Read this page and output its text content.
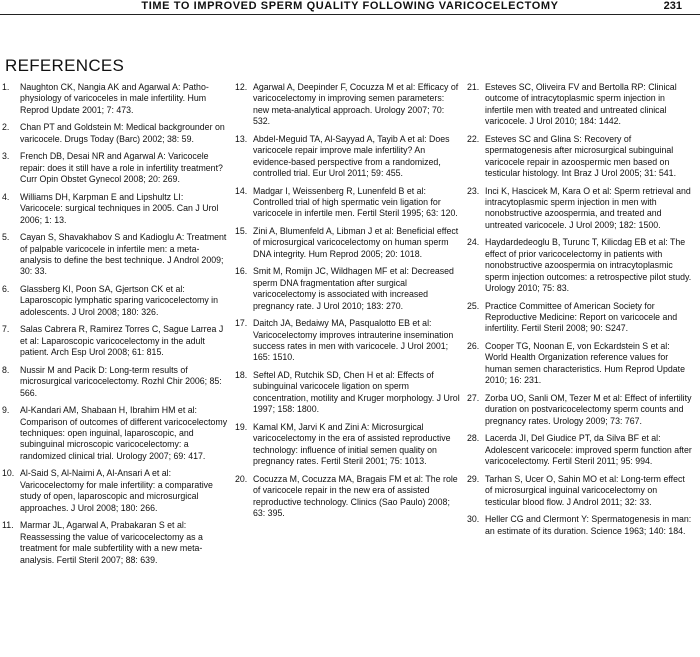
TIME TO IMPROVED SPERM QUALITY FOLLOWING VARICOCELECTOMY	231
REFERENCES
1. Naughton CK, Nangia AK and Agarwal A: Patho-physiology of varicoceles in male infertility. Hum Reprod Update 2001; 7: 473.
2. Chan PT and Goldstein M: Medical backgrounder on varicocele. Drugs Today (Barc) 2002; 38: 59.
3. French DB, Desai NR and Agarwal A: Varicocele repair: does it still have a role in infertility treatment? Curr Opin Obstet Gynecol 2008; 20: 269.
4. Williams DH, Karpman E and Lipshultz LI: Varicocele: surgical techniques in 2005. Can J Urol 2006; 1: 13.
5. Cayan S, Shavakhabov S and Kadioglu A: Treatment of palpable varicocele in infertile men: a meta-analysis to define the best technique. J Androl 2009; 30: 33.
6. Glassberg KI, Poon SA, Gjertson CK et al: Laparoscopic lymphatic sparing varicocelectomy in adolescents. J Urol 2008; 180: 326.
7. Salas Cabrera R, Ramirez Torres C, Sague Larrea J et al: Laparoscopic varicocelectomy in the adult patient. Arch Esp Urol 2008; 61: 815.
8. Nussir M and Pacik D: Long-term results of microsurgical varicocelectomy. Rozhl Chir 2006; 85: 566.
9. Al-Kandari AM, Shabaan H, Ibrahim HM et al: Comparison of outcomes of different varicocelectomy techniques: open inguinal, laparoscopic, and subinguinal microscopic varicocelectomy: a randomized clinical trial. Urology 2007; 69: 417.
10. Al-Said S, Al-Naimi A, Al-Ansari A et al: Varicocelectomy for male infertility: a comparative study of open, laparoscopic and microsurgical approaches. J Urol 2008; 180: 266.
11. Marmar JL, Agarwal A, Prabakaran S et al: Reassessing the value of varicocelectomy as a treatment for male subfertility with a new meta-analysis. Fertil Steril 2007; 88: 639.
12. Agarwal A, Deepinder F, Cocuzza M et al: Efficacy of varicocelectomy in improving semen parameters: new meta-analytical approach. Urology 2007; 70: 532.
13. Abdel-Meguid TA, Al-Sayyad A, Tayib A et al: Does varicocele repair improve male infertility? An evidence-based perspective from a randomized, controlled trial. Eur Urol 2011; 59: 455.
14. Madgar I, Weissenberg R, Lunenfeld B et al: Controlled trial of high spermatic vein ligation for varicocele in infertile men. Fertil Steril 1995; 63: 120.
15. Zini A, Blumenfeld A, Libman J et al: Beneficial effect of microsurgical varicocelectomy on human sperm DNA integrity. Hum Reprod 2005; 20: 1018.
16. Smit M, Romijn JC, Wildhagen MF et al: Decreased sperm DNA fragmentation after surgical varicocelectomy is associated with increased pregnancy rate. J Urol 2010; 183: 270.
17. Daitch JA, Bedaiwy MA, Pasqualotto EB et al: Varicocelectomy improves intrauterine insemination success rates in men with varicocele. J Urol 2001; 165: 1510.
18. Seftel AD, Rutchik SD, Chen H et al: Effects of subinguinal varicocele ligation on sperm concentration, motility and Kruger morphology. J Urol 1997; 158: 1800.
19. Kamal KM, Jarvi K and Zini A: Microsurgical varicocelectomy in the era of assisted reproductive technology: influence of initial semen quality on pregnancy rates. Fertil Steril 2001; 75: 1013.
20. Cocuzza M, Cocuzza MA, Bragais FM et al: The role of varicocele repair in the new era of assisted reproductive technology. Clinics (Sao Paulo) 2008; 63: 395.
21. Esteves SC, Oliveira FV and Bertolla RP: Clinical outcome of intracytoplasmic sperm injection in infertile men with treated and untreated clinical varicocele. J Urol 2010; 184: 1442.
22. Esteves SC and Glina S: Recovery of spermatogenesis after microsurgical subinguinal varicocele repair in azoospermic men based on testicular histology. Int Braz J Urol 2005; 31: 541.
23. Inci K, Hascicek M, Kara O et al: Sperm retrieval and intracytoplasmic sperm injection in men with nonobstructive azoospermia, and treated and untreated varicocele. J Urol 2009; 182: 1500.
24. Haydardedeoglu B, Turunc T, Kilicdag EB et al: The effect of prior varicocelectomy in patients with nonobstructive azoospermia on intracytoplasmic sperm injection outcomes: a retrospective pilot study. Urology 2010; 75: 83.
25. Practice Committee of American Society for Reproductive Medicine: Report on varicocele and infertility. Fertil Steril 2008; 90: S247.
26. Cooper TG, Noonan E, von Eckardstein S et al: World Health Organization reference values for human semen characteristics. Hum Reprod Update 2010; 16: 231.
27. Zorba UO, Sanli OM, Tezer M et al: Effect of infertility duration on postvaricocelectomy sperm counts and pregnancy rates. Urology 2009; 73: 767.
28. Lacerda JI, Del Giudice PT, da Silva BF et al: Adolescent varicocele: improved sperm function after varicocelectomy. Fertil Steril 2011; 95: 994.
29. Tarhan S, Ucer O, Sahin MO et al: Long-term effect of microsurgical inguinal varicocelectomy on testicular blood flow. J Androl 2011; 32: 33.
30. Heller CG and Clermont Y: Spermatogenesis in man: an estimate of its duration. Science 1963; 140: 184.
